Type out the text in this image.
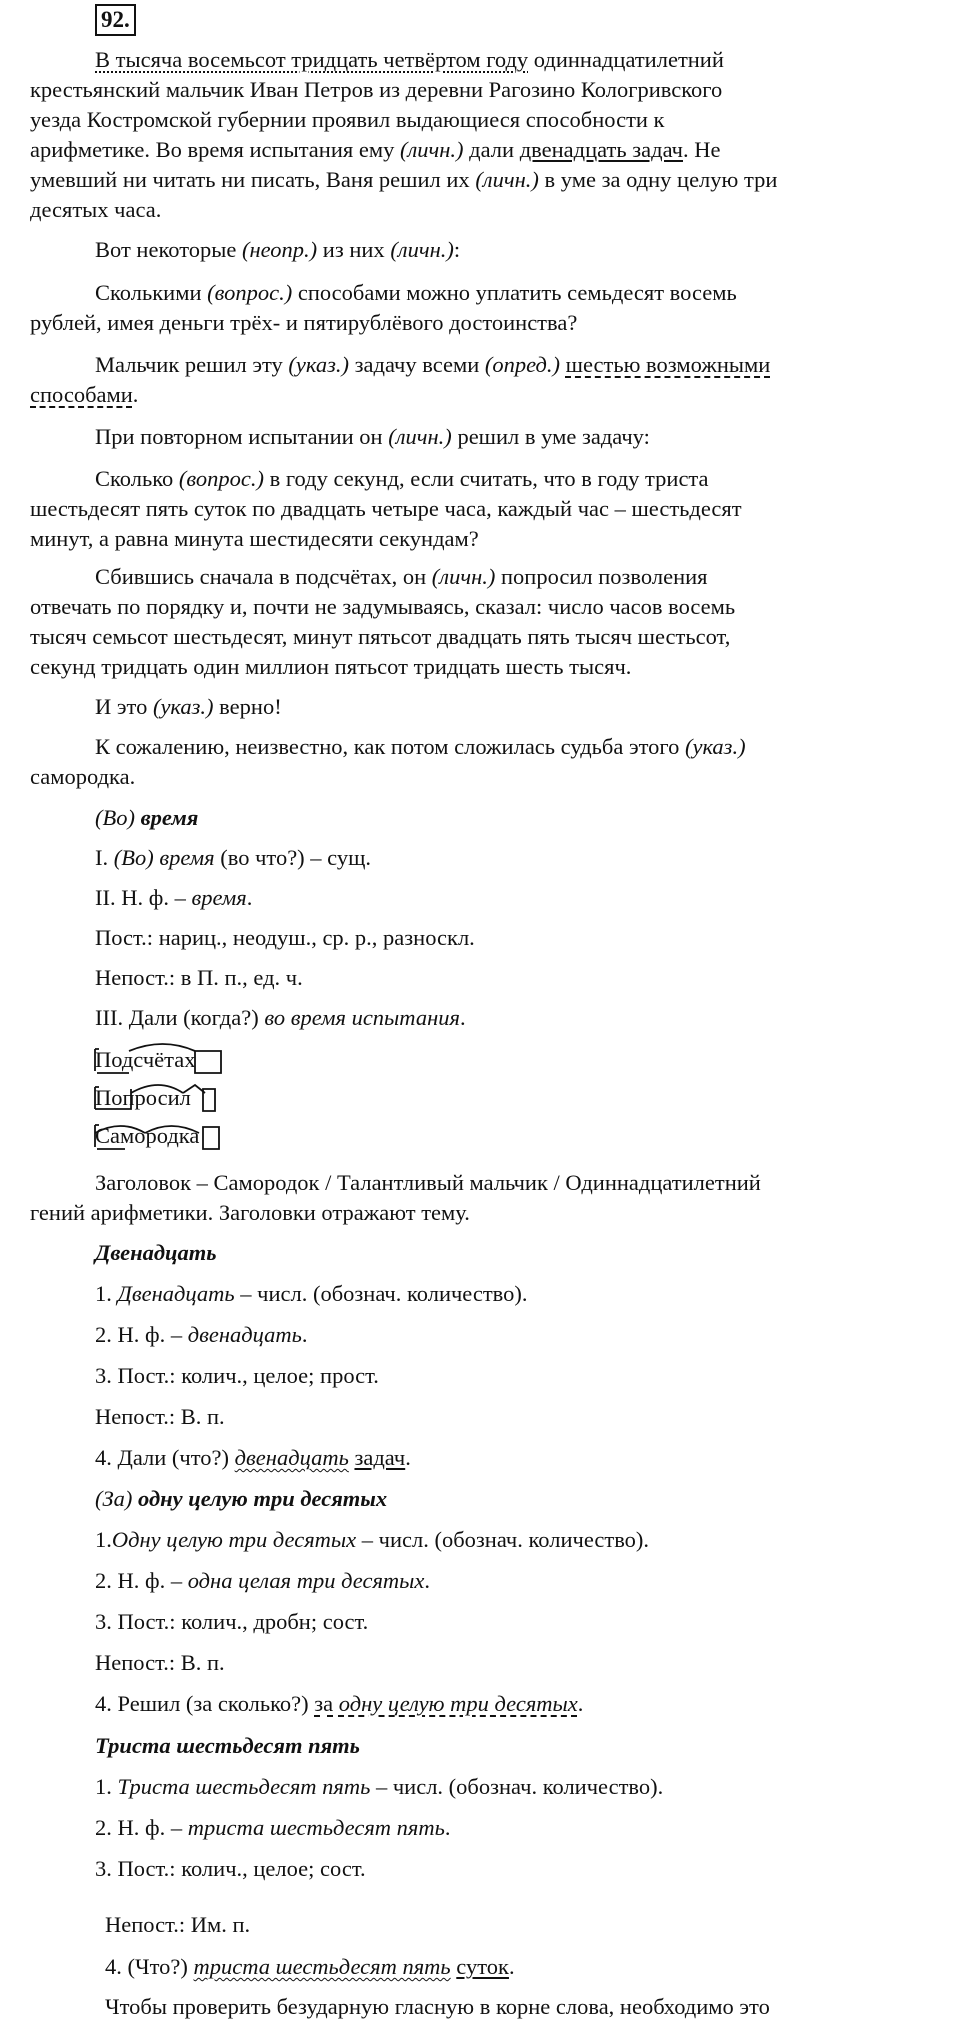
92.
В тысяча восемьсот тридцать четвёртом году одиннадцатилетний
крестьянский мальчик Иван Петров из деревни Рагозино Кологривского
уезда Костромской губернии проявил выдающиеся способности к
арифметике. Во время испытания ему (личн.) дали двенадцать задач. Не
умевший ни читать ни писать, Ваня решил их (личн.) в уме за одну целую три
десятых часа.
Вот некоторые (неопр.) из них (личн.):
Сколькими (вопрос.) способами можно уплатить семьдесят восемь
рублей, имея деньги трёх- и пятирублёвого достоинства?
Мальчик решил эту (указ.) задачу всеми (опред.) шестью возможными
способами.
При повторном испытании он (личн.) решил в уме задачу:
Сколько (вопрос.) в году секунд, если считать, что в году триста
шестьдесят пять суток по двадцать четыре часа, каждый час – шестьдесят
минут, а равна минута шестидесяти секундам?
Сбившись сначала в подсчётах, он (личн.) попросил позволения
отвечать по порядку и, почти не задумываясь, сказал: число часов восемь
тысяч семьсот шестьдесят, минут пятьсот двадцать пять тысяч шестьсот,
секунд тридцать один миллион пятьсот тридцать шесть тысяч.
И это (указ.) верно!
К сожалению, неизвестно, как потом сложилась судьба этого (указ.)
самородка.
(Во) время
I. (Во) время (во что?) – сущ.
II. Н. ф. – время.
Пост.: нариц., неодуш., ср. р., разноскл.
Непост.: в П. п., ед. ч.
III. Дали (когда?) во время испытания.
Подсчётах
Попросил
Самородка
Заголовок – Самородок / Талантливый мальчик / Одиннадцатилетний
гений арифметики. Заголовки отражают тему.
Двенадцать
1. Двенадцать – числ. (обознач. количество).
2. Н. ф. – двенадцать.
3. Пост.: колич., целое; прост.
Непост.: В. п.
4. Дали (что?) двенадцать задач.
(За) одну целую три десятых
1.Одну целую три десятых – числ. (обознач. количество).
2. Н. ф. – одна целая три десятых.
3. Пост.: колич., дробн; сост.
Непост.: В. п.
4. Решил (за сколько?) за одну целую три десятых.
Триста шестьдесят пять
1. Триста шестьдесят пять – числ. (обознач. количество).
2. Н. ф. – триста шестьдесят пять.
3. Пост.: колич., целое; сост.
Непост.: Им. п.
4. (Что?) триста шестьдесят пять суток.
Чтобы проверить безударную гласную в корне слова, необходимо это
